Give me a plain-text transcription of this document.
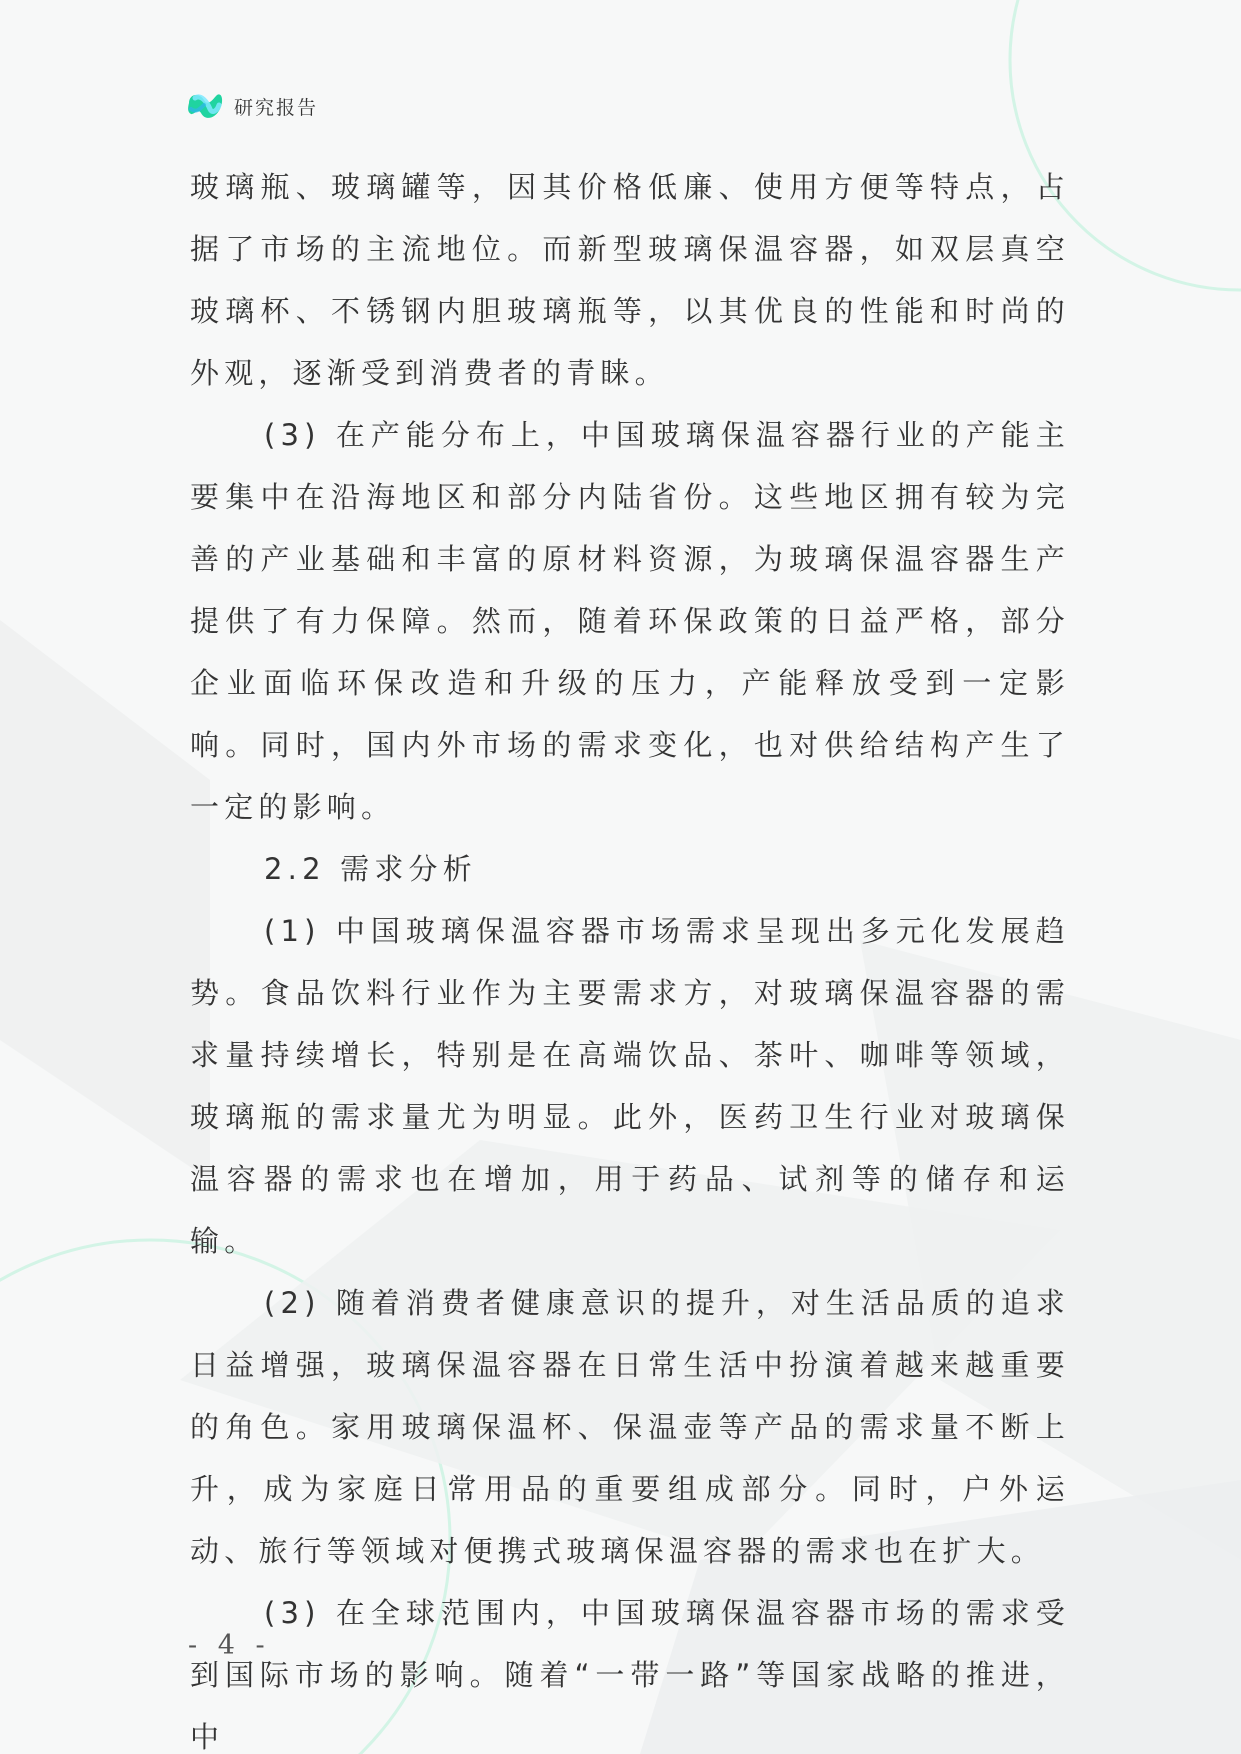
研究报告

玻璃瓶、玻璃罐等，因其价格低廉、使用方便等特点，占据了市场的主流地位。而新型玻璃保温容器，如双层真空玻璃杯、不锈钢内胆玻璃瓶等，以其优良的性能和时尚的外观，逐渐受到消费者的青睐。

(3) 在产能分布上，中国玻璃保温容器行业的产能主要集中在沿海地区和部分内陆省份。这些地区拥有较为完善的产业基础和丰富的原材料资源，为玻璃保温容器生产提供了有力保障。然而，随着环保政策的日益严格，部分企业面临环保改造和升级的压力，产能释放受到一定影响。同时，国内外市场的需求变化，也对供给结构产生了一定的影响。

2.2 需求分析

(1) 中国玻璃保温容器市场需求呈现出多元化发展趋势。食品饮料行业作为主要需求方，对玻璃保温容器的需求量持续增长，特别是在高端饮品、茶叶、咖啡等领域，玻璃瓶的需求量尤为明显。此外，医药卫生行业对玻璃保温容器的需求也在增加，用于药品、试剂等的储存和运输。

(2) 随着消费者健康意识的提升，对生活品质的追求日益增强，玻璃保温容器在日常生活中扮演着越来越重要的角色。家用玻璃保温杯、保温壶等产品的需求量不断上升，成为家庭日常用品的重要组成部分。同时，户外运动、旅行等领域对便携式玻璃保温容器的需求也在扩大。

(3) 在全球范围内，中国玻璃保温容器市场的需求受到国际市场的影响。随着“一带一路”等国家战略的推进，中

- 4 -
